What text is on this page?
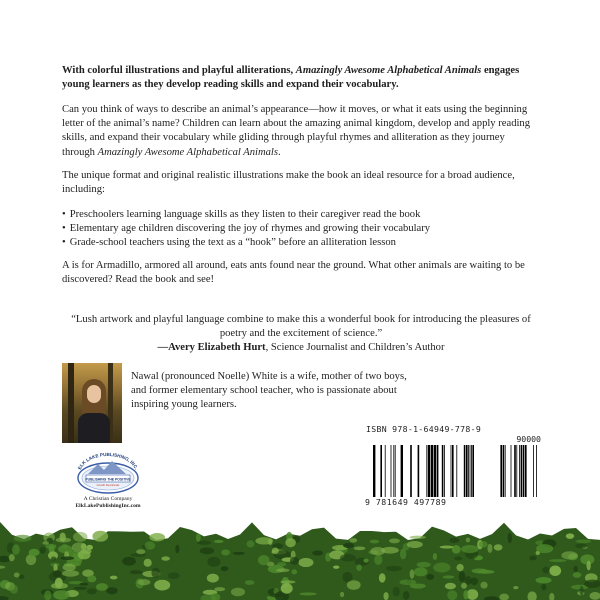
With colorful illustrations and playful alliterations, Amazingly Awesome Alphabetical Animals engages young learners as they develop reading skills and expand their vocabulary.
Can you think of ways to describe an animal’s appearance—how it moves, or what it eats using the beginning letter of the animal’s name? Children can learn about the amazing animal kingdom, develop and apply reading skills, and expand their vocabulary while gliding through playful rhymes and alliteration as they journey through Amazingly Awesome Alphabetical Animals.
The unique format and original realistic illustrations make the book an ideal resource for a broad audience, including:
• Preschoolers learning language skills as they listen to their caregiver read the book
• Elementary age children discovering the joy of rhymes and growing their vocabulary
• Grade-school teachers using the text as a “hook” before an alliteration lesson
A is for Armadillo, armored all around, eats ants found near the ground. What other animals are waiting to be discovered? Read the book and see!
“Lush artwork and playful language combine to make this a wonderful book for introducing the pleasures of poetry and the excitement of science.”
—Avery Elizabeth Hurt, Science Journalist and Children’s Author
Nawal (pronounced Noelle) White is a wife, mother of two boys, and former elementary school teacher, who is passionate about inspiring young learners.
ELK LAKE PUBLISHING, INC.
PUBLISHING THE POSITIVE
Growth Devotionals
A Christian Company
ElkLakePublishingInc.com
ISBN 978-1-64949-778-9
90000
9 781649 497789
